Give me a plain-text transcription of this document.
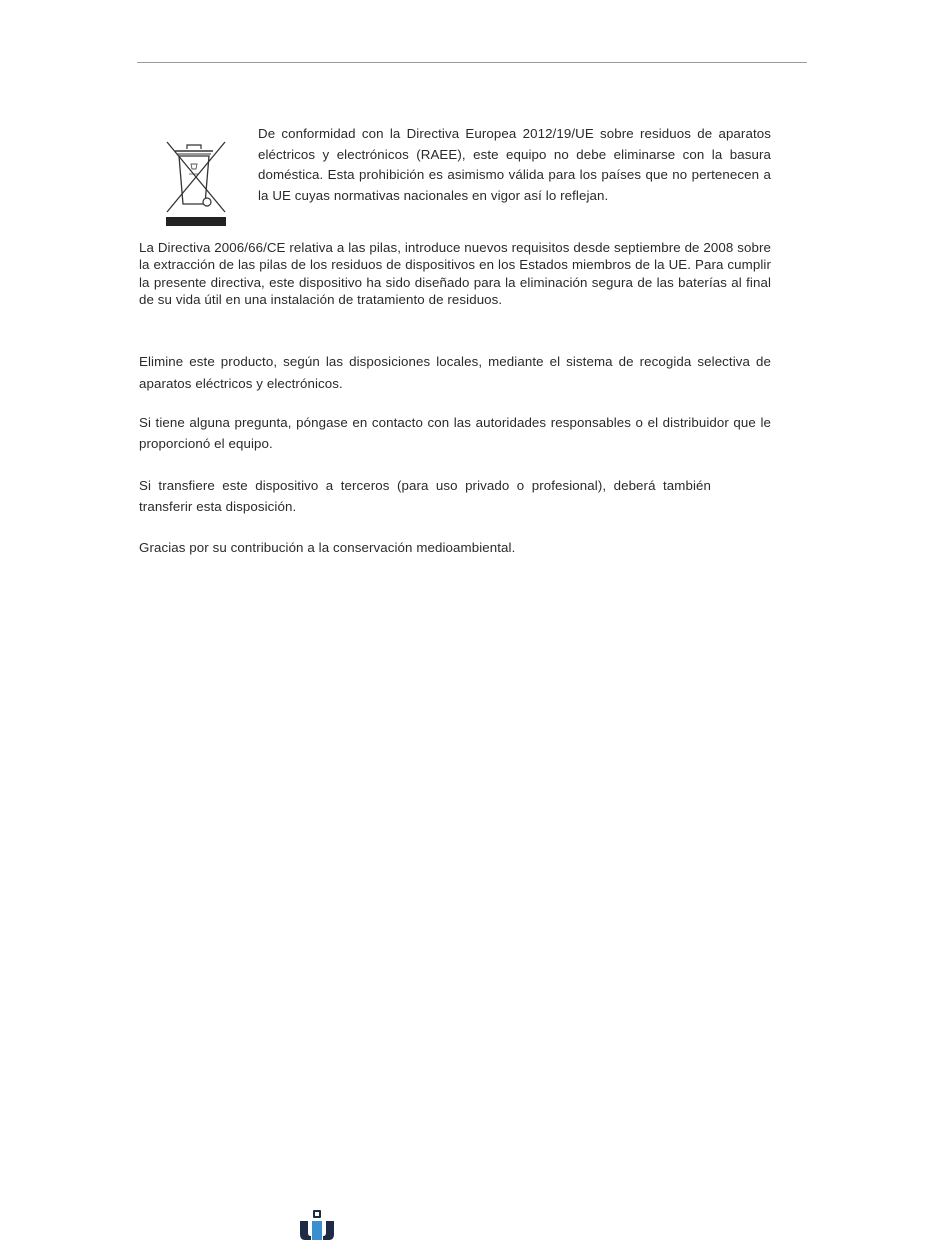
De conformidad con la Directiva Europea 2012/19/UE sobre residuos de aparatos eléctricos y electrónicos (RAEE), este equipo no debe eliminarse con la basura doméstica. Esta prohibición es asimismo válida para los países que no pertenecen a la UE cuyas normativas nacionales en vigor así lo reflejan.

La Directiva 2006/66/CE relativa a las pilas, introduce nuevos requisitos desde septiembre de 2008 sobre la extracción de las pilas de los residuos de dispositivos en los Estados miembros de la UE. Para cumplir la presente directiva, este dispositivo ha sido diseñado para la eliminación segura de las baterías al final de su vida útil en una instalación de tratamiento de residuos.

Elimine este producto, según las disposiciones locales, mediante el sistema de recogida selectiva de aparatos eléctricos y electrónicos.

Si tiene alguna pregunta, póngase en contacto con las autoridades responsables o el distribuidor que le proporcionó el equipo.

Si transfiere este dispositivo a terceros (para uso privado o profesional), deberá también transferir esta disposición.

Gracias por su contribución a la conservación medioambiental.
